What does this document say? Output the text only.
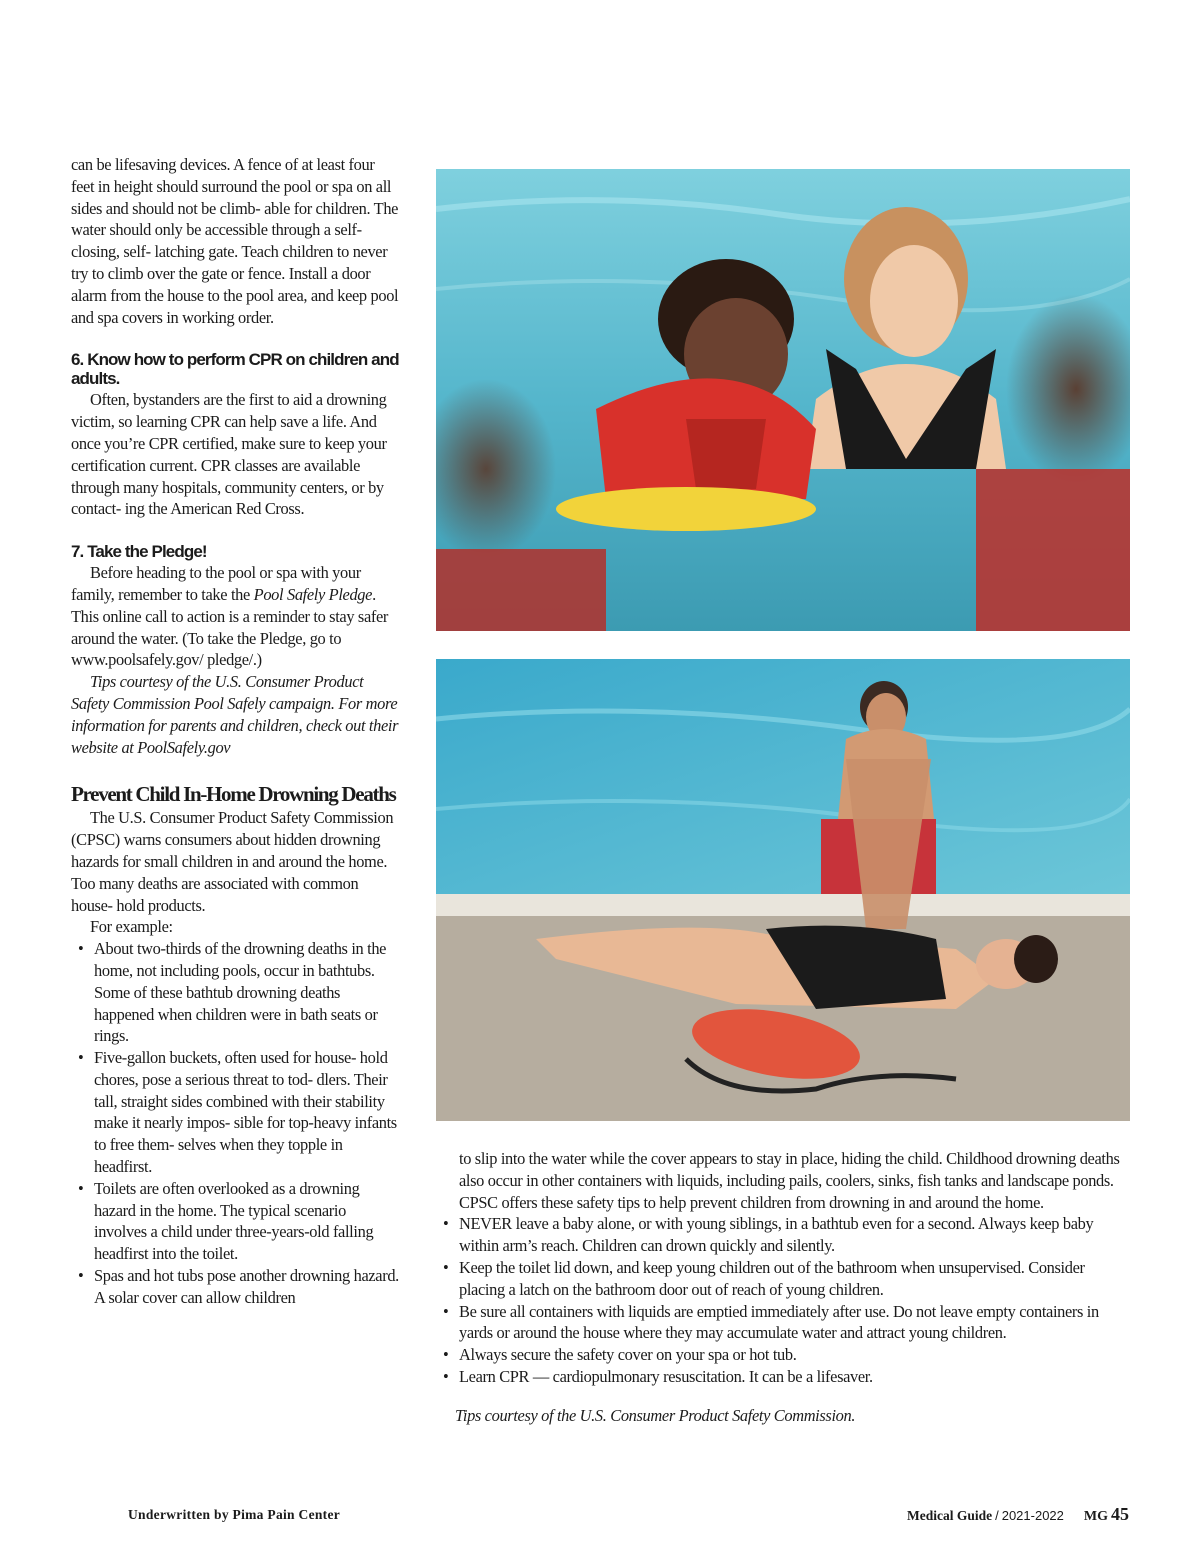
can be lifesaving devices. A fence of at least four feet in height should surround the pool or spa on all sides and should not be climb- able for children. The water should only be accessible through a self-closing, self- latching gate. Teach children to never try to climb over the gate or fence. Install a door alarm from the house to the pool area, and keep pool and spa covers in working order.

6. Know how to perform CPR on children and adults.

Often, bystanders are the first to aid a drowning victim, so learning CPR can help save a life. And once you’re CPR certified, make sure to keep your certification current. CPR classes are available through many hospitals, community centers, or by contact- ing the American Red Cross.

7. Take the Pledge!

Before heading to the pool or spa with your family, remember to take the Pool Safely Pledge. This online call to action is a reminder to stay safer around the water. (To take the Pledge, go to www.poolsafely.gov/ pledge/.)

Tips courtesy of the U.S. Consumer Product Safety Commission Pool Safely campaign. For more information for parents and children, check out their website at PoolSafely.gov

Prevent Child In-Home Drowning Deaths

The U.S. Consumer Product Safety Commission (CPSC) warns consumers about hidden drowning hazards for small children in and around the home. Too many deaths are associated with common house- hold products.

For example:

• About two-thirds of the drowning deaths in the home, not including pools, occur in bathtubs. Some of these bathtub drowning deaths happened when children were in bath seats or rings.
• Five-gallon buckets, often used for house- hold chores, pose a serious threat to tod- dlers. Their tall, straight sides combined with their stability make it nearly impos- sible for top-heavy infants to free them- selves when they topple in headfirst.
• Toilets are often overlooked as a drowning hazard in the home. The typical scenario involves a child under three-years-old falling headfirst into the toilet.
• Spas and hot tubs pose another drowning hazard. A solar cover can allow children

to slip into the water while the cover appears to stay in place, hiding the child. Childhood drowning deaths also occur in other containers with liquids, including pails, coolers, sinks, fish tanks and landscape ponds. CPSC offers these safety tips to help prevent children from drowning in and around the home.

• NEVER leave a baby alone, or with young siblings, in a bathtub even for a second. Always keep baby within arm’s reach. Children can drown quickly and silently.
• Keep the toilet lid down, and keep young children out of the bathroom when unsupervised. Consider placing a latch on the bathroom door out of reach of young children.
• Be sure all containers with liquids are emptied immediately after use. Do not leave empty containers in yards or around the house where they may accumulate water and attract young children.
• Always secure the safety cover on your spa or hot tub.
• Learn CPR — cardiopulmonary resuscitation. It can be a lifesaver.

Tips courtesy of the U.S. Consumer Product Safety Commission.

Underwritten by Pima Pain Center	Medical Guide / 2021-2022 MG 45
